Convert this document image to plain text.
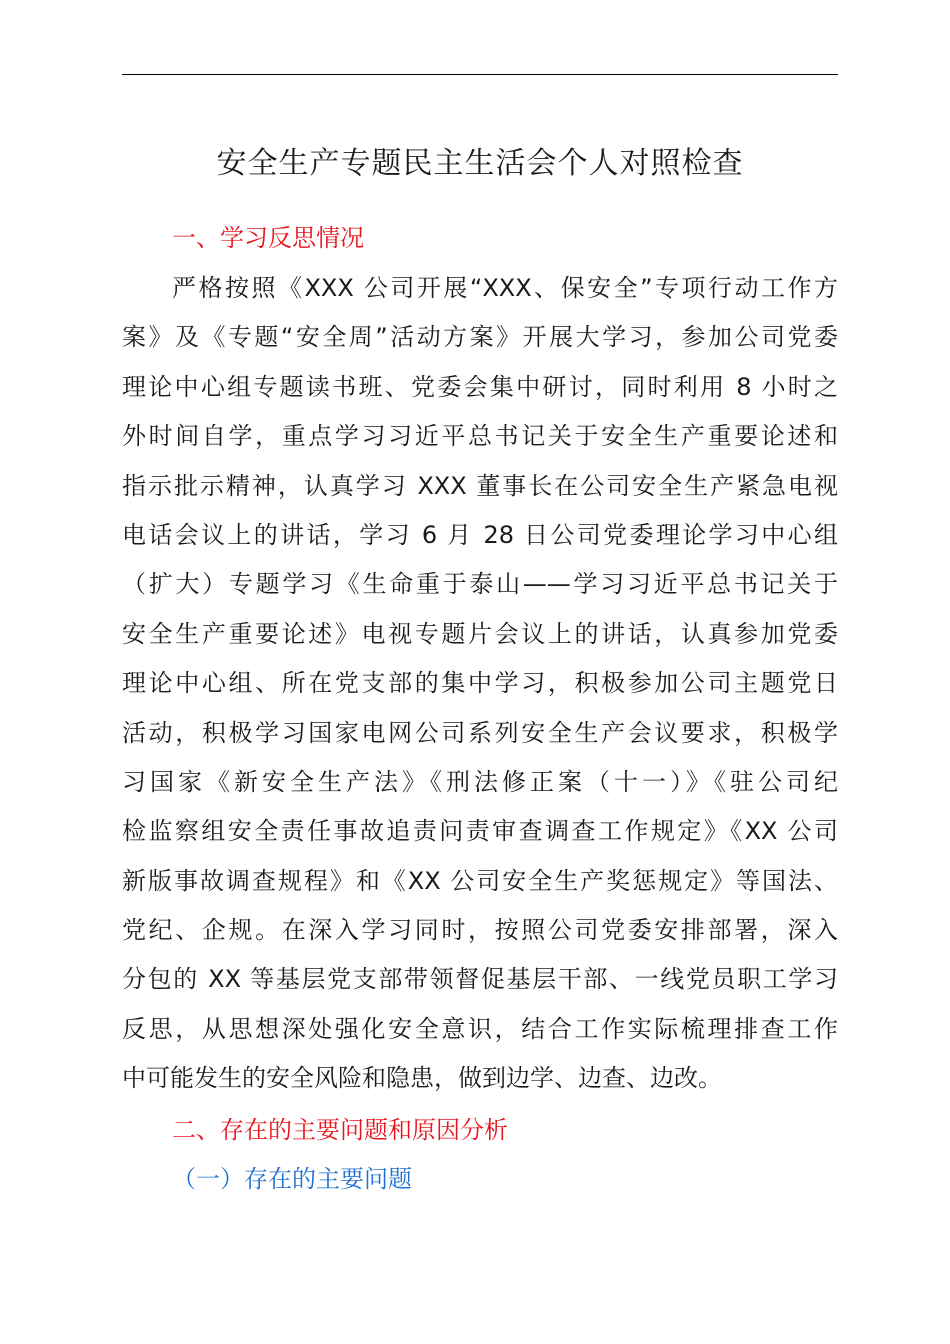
安全生产专题民主生活会个人对照检查
一、学习反思情况
严格按照《XXX 公司开展“XXX、保安全”专项行动工作方
案》及《专题“安全周”活动方案》开展大学习，参加公司党委
理论中心组专题读书班、党委会集中研讨，同时利用 8 小时之
外时间自学，重点学习习近平总书记关于安全生产重要论述和
指示批示精神，认真学习 XXX 董事长在公司安全生产紧急电视
电话会议上的讲话，学习 6 月 28 日公司党委理论学习中心组
（扩大）专题学习《生命重于泰山——学习习近平总书记关于
安全生产重要论述》电视专题片会议上的讲话，认真参加党委
理论中心组、所在党支部的集中学习，积极参加公司主题党日
活动，积极学习国家电网公司系列安全生产会议要求，积极学
习国家《新安全生产法》《刑法修正案（十一）》《驻公司纪
检监察组安全责任事故追责问责审查调查工作规定》《XX 公司
新版事故调查规程》和《XX 公司安全生产奖惩规定》等国法、
党纪、企规。在深入学习同时，按照公司党委安排部署，深入
分包的 XX 等基层党支部带领督促基层干部、一线党员职工学习
反思，从思想深处强化安全意识，结合工作实际梳理排查工作
中可能发生的安全风险和隐患，做到边学、边查、边改。
二、存在的主要问题和原因分析
（一）存在的主要问题
